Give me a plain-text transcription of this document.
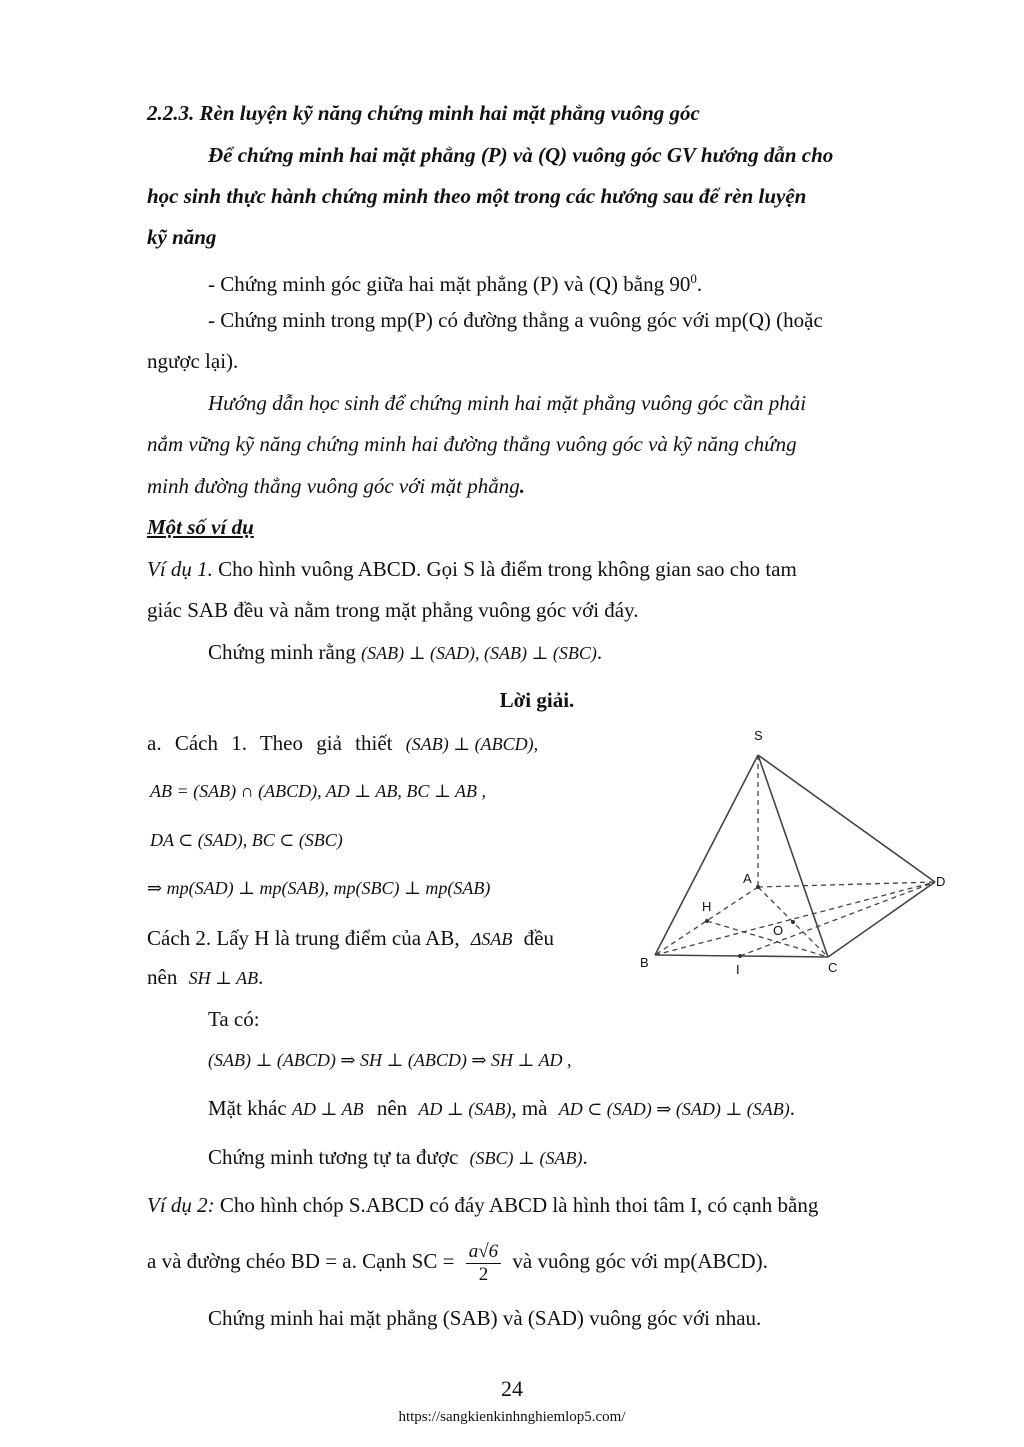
2.2.3. Rèn luyện kỹ năng chứng minh hai mặt phẳng vuông góc
Để chứng minh hai mặt phẳng (P) và (Q) vuông góc GV hướng dẫn cho
học sinh thực hành chứng minh theo một trong các hướng sau để rèn luyện
kỹ năng
- Chứng minh góc giữa hai mặt phẳng (P) và (Q) bằng $90^0$.
- Chứng minh trong mp(P) có đường thẳng a vuông góc với mp(Q) (hoặc
ngược lại).
Hướng dẫn học sinh để chứng minh hai mặt phẳng vuông góc cần phải
nắm vững kỹ năng chứng minh hai đường thẳng vuông góc và kỹ năng chứng
minh đường thẳng vuông góc với mặt phẳng.
Một số ví dụ
Ví dụ 1. Cho hình vuông ABCD. Gọi S là điểm trong không gian sao cho tam
giác SAB đều và nằm trong mặt phẳng vuông góc với đáy.
Chứng minh rằng (SAB) ⊥ (SAD), (SAB) ⊥ (SBC).
Lời giải.
a. Cách 1. Theo giả thiết (SAB) ⊥ (ABCD),
AB = (SAB) ∩ (ABCD), AD ⊥ AB, BC ⊥ AB ,
DA ⊂ (SAD), BC ⊂ (SBC)
⇒ mp(SAD) ⊥ mp(SAB), mp(SBC) ⊥ mp(SAB)
Cách 2. Lấy H là trung điểm của AB, ΔSAB đều
nên SH ⊥ AB.
Ta có:
(SAB) ⊥ (ABCD) ⇒ SH ⊥ (ABCD) ⇒ SH ⊥ AD ,
Mặt khác AD ⊥ AB nên AD ⊥ (SAB), mà AD ⊂ (SAD) ⇒ (SAD) ⊥ (SAB).
Chứng minh tương tự ta được (SBC) ⊥ (SAB).
S
A
B	C
D
H
O
I
Ví dụ 2: Cho hình chóp S.ABCD có đáy ABCD là hình thoi tâm I, có cạnh bằng
a và đường chéo BD = a. Cạnh SC = $\frac{a√6}{2}$ và vuông góc với mp(ABCD).
Chứng minh hai mặt phẳng (SAB) và (SAD) vuông góc với nhau.
24
https://sangkienkinhnghiemlop5.com/
